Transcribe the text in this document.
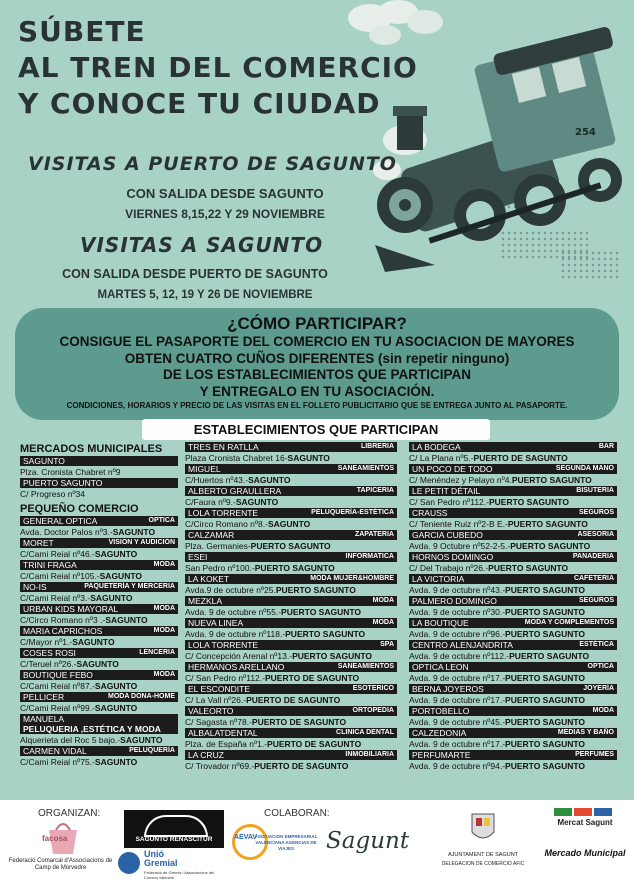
254
SÚBETE
AL TREN DEL COMERCIO
Y CONOCE TU CIUDAD
VISITAS A PUERTO DE SAGUNTO
CON SALIDA DESDE SAGUNTO
VIERNES 8,15,22 Y 29 NOVIEMBRE
VISITAS A SAGUNTO
CON SALIDA DESDE PUERTO DE SAGUNTO
MARTES 5, 12, 19 Y 26 DE NOVIEMBRE
¿CÓMO PARTICIPAR?
CONSIGUE EL PASAPORTE DEL COMERCIO EN TU ASOCIACION DE MAYORES
OBTEN CUATRO CUÑOS DIFERENTES (sin repetir ninguno)
DE LOS ESTABLECIMIENTOS QUE PARTICIPAN
Y ENTREGALO EN TU ASOCIACIÓN.
CONDICIONES, HORARIOS Y PRECIO DE LAS VISITAS EN EL FOLLETO PUBLICITARIO QUE SE ENTREGA JUNTO AL PASAPORTE.
ESTABLECIMIENTOS QUE PARTICIPAN
MERCADOS MUNICIPALES
SAGUNTO
Plza. Cronista Chabret nº9
PUERTO SAGUNTO
C/ Progreso nº34
PEQUEÑO COMERCIO
GENERAL OPTICA	OPTICA
Avda. Doctor Palos nº3.-SAGUNTO
MORET	VISION Y AUDICIÓN
C/Cami Reial nº46.-SAGUNTO
TRINI FRAGA	MODA
C/Cami Reial nº105.-SAGUNTO
NO-IS	PAQUETERÍA Y MERCERIA
C/Cami Reial nº3.-SAGUNTO
URBAN KIDS MAYORAL	MODA
C/Circo Romano nº3 .-SAGUNTO
MARIA CAPRICHOS	MODA
C/Mayor nº1.-SAGUNTO
COSES ROSI	LENCERIA
C/Teruel nº26.-SAGUNTO
BOUTIQUE FEBO	MODA
C/Cami Reial nº87.-SAGUNTO
PELLICER	MODA DONA-HOME
C/Cami Reial nº99.-SAGUNTO
MANUELA
PELUQUERIA ,ESTÉTICA Y MODA
Alquerieta del Roc 5 bajo.-SAGUNTO
CARMEN VIDAL	PELUQUERÍA
C/Cami Reial nº75.-SAGUNTO
TRES EN RATLLA	LIBRERIA
Plaza Cronista Chabret 16-SAGUNTO
MIGUEL	SANEAMIENTOS
C/Huertos nº43.-SAGUNTO
ALBERTO GRAULLERA	TAPICERIA
C/Faura nº9.-SAGUNTO
LOLA TORRENTE	PELUQUERÍA-ESTÉTICA
C/Circo Romano nº8.-SAGUNTO
CALZAMAR	ZAPATERIA
Plza. Germanies-PUERTO SAGUNTO
ESEI	INFORMATICA
San Pedro nº100.-PUERTO SAGUNTO
LA KOKET	MODA MUJER&HOMBRE
Avda.9 de octubre nº25.PUERTO SAGUNTO
MEZKLA	MODA
Avda. 9 de octubre nº55.-PUERTO SAGUNTO
NUEVA LINEA	MODA
Avda. 9 de octubre nº118.-PUERTO SAGUNTO
LOLA TORRENTE	SPA
C/ Concepción Arenal nº13.-PUERTO SAGUNTO
HERMANOS ARELLANO	SANEAMIENTOS
C/ San Pedro nº112.-PUERTO DE SAGUNTO
EL ESCONDITE	ESOTERICO
C/ La Vall nº26.-PUERTO DE SAGUNTO
VALEORTO	ORTOPEDIA
C/ Sagasta nº78.-PUERTO DE SAGUNTO
ALBALATDENTAL	CLINICA DENTAL
Plza. de España nº1.-PUERTO DE SAGUNTO
LA CRUZ	INMOBILIARIA
C/ Trovador nº69.-PUERTO DE SAGUNTO
LA BODEGA	BAR
C/ La Plana nº5.-PUERTO DE SAGUNTO
UN POCO DE TODO	SEGUNDA MANO
C/ Menéndez y Pelayo nº4.PUERTO SAGUNTO
LE PETIT DÉTAIL	BISUTERIA
C/ San Pedro nº112.-PUERTO SAGUNTO
CRAUSS	SEGUROS
C/ Teniente Ruiz nº2-B E.-PUERTO SAGUNTO
GARCIA CUBEDO	ASESORIA
Avda. 9 Octubre nº52-2-5.-PUERTO SAGUNTO
HORNOS DOMINGO	PANADERIA
C/ Del Trabajo nº26.-PUERTO SAGUNTO
LA VICTORIA	CAFETERIA
Avda. 9 de octubre nº43.-PUERTO SAGUNTO
PALMERO DOMINGO	SEGUROS
Avda. 9 de octubre nº30.-PUERTO SAGUNTO
LA BOUTIQUE	MODA Y COMPLEMENTOS
Avda. 9 de octubre nº96.-PUERTO SAGUNTO
CENTRO ALENJANDRITA	ESTÉTICA
Avda. 9 de octubre nº112.-PUERTO SAGUNTO
OPTICA LEON	OPTICA
Avda. 9 de octubre nº17.-PUERTO SAGUNTO
BERNA JOYEROS	JOYERÍA
Avda. 9 de octubre nº17.-PUERTO SAGUNTO
PORTOBELLO	MODA
Avda. 9 de octubre nº45.-PUERTO SAGUNTO
CALZEDONIA	MEDIAS Y BAÑO
Avda. 9 de octubre nº17.-PUERTO SAGUNTO
PERFUMARTE	PERFUMES
Avda. 9 de octubre nº94.-PUERTO SAGUNTO
ORGANIZAN:	COLABORAN:
facosa
Federació Comarcal d'Associacions de Camp de Morvedre
SAGUNTO RENASCITUR
Unió Gremial
Federació de Gremis i Associacions del Comerç valencià
AEVAV
ASOCIACION EMPRESARIAL VALENCIANA AGENCIAS DE VIAJES	Sagunt
AJUNTAMENT DE SAGUNT
DELEGACION DE COMERCIO AFIC
Mercat Sagunt
Mercado Municipal
